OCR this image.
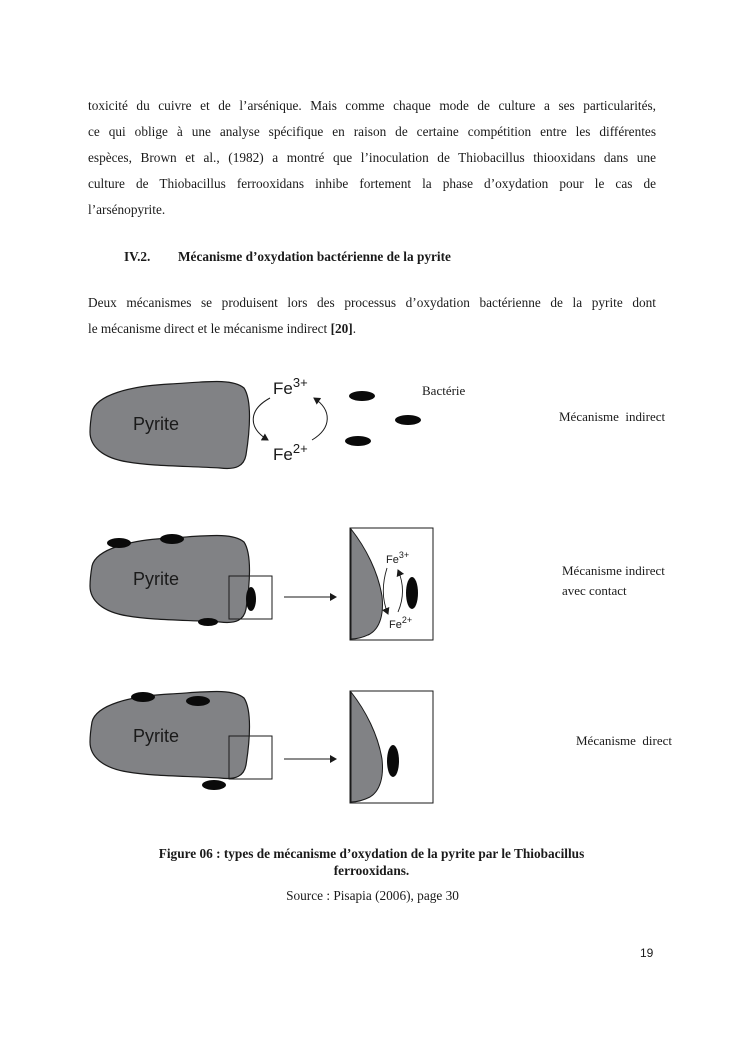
toxicité du cuivre et de l’arsénique. Mais comme chaque mode de culture a ses particularités,
ce qui oblige à une analyse spécifique en raison de certaine compétition entre les différentes
espèces, Brown et al., (1982) a montré que l’inoculation de Thiobacillus thiooxidans dans une
culture de Thiobacillus ferrooxidans inhibe fortement la phase d’oxydation pour le cas de
l’arsénopyrite.
IV.2. Mécanisme d’oxydation bactérienne de la pyrite
Deux mécanismes se produisent lors des processus d’oxydation bactérienne de la pyrite dont
le mécanisme direct et le mécanisme indirect [20].
Pyrite
$Fe^{3+}$
$Fe^{2+}$
Pyrite
$Fe^{3+}$
$Fe^{2+}$
Pyrite
Bactérie
Mécanisme  indirect
Mécanisme indirect
avec contact
Mécanisme  direct
Figure 06 : types de mécanisme d’oxydation de la pyrite par le Thiobacillus
ferrooxidans.
Source : Pisapia (2006), page 30
19
